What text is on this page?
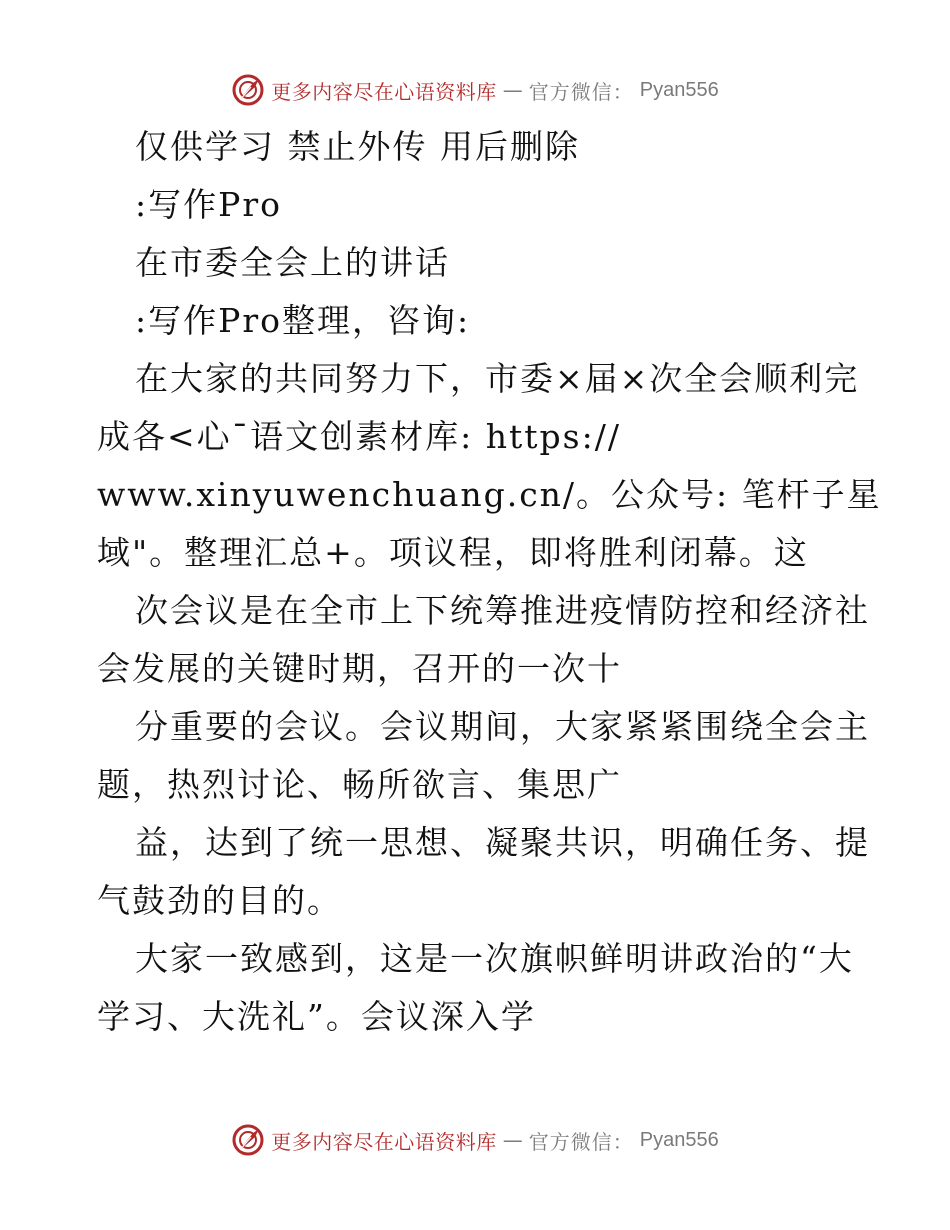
更多内容尽在心语资料库 — 官方微信： Pyan556
仅供学习 禁止外传 用后删除
:写作Pro
在市委全会上的讲话
:写作Pro整理，咨询:
在大家的共同努力下，市委×届×次全会顺利完
成各<心¯语文创素材库: https://
www.xinyuwenchuang.cn/。公众号: 笔杆子星
域"。整理汇总+。项议程，即将胜利闭幕。这
次会议是在全市上下统筹推进疫情防控和经济社
会发展的关键时期，召开的一次十
分重要的会议。会议期间，大家紧紧围绕全会主
题，热烈讨论、畅所欲言、集思广
益，达到了统一思想、凝聚共识，明确任务、提
气鼓劲的目的。
大家一致感到，这是一次旗帜鲜明讲政治的“大
学习、大洗礼”。会议深入学
更多内容尽在心语资料库 — 官方微信： Pyan556
